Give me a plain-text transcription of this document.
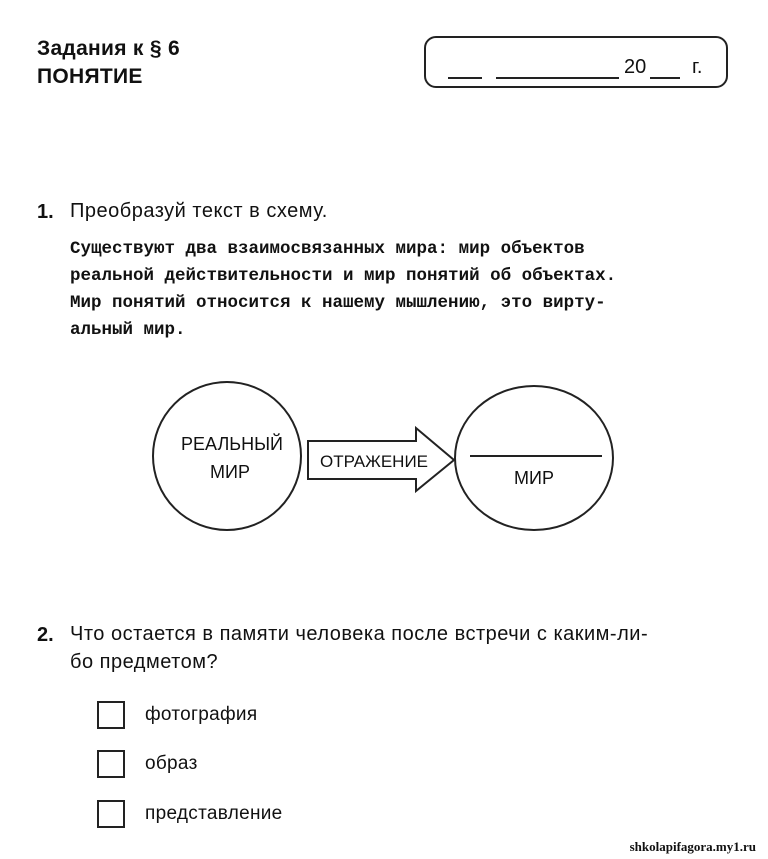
Задания к § 6
ПОНЯТИЕ	20 г.
1. Преобразуй текст в схему.
Существуют два взаимосвязанных мира: мир объектов
реальной действительности и мир понятий об объектах.
Мир понятий относится к нашему мышлению, это вирту-
альный мир.
РЕАЛЬНЫЙ
МИР
ОТРАЖЕНИЕ
МИР
2. Что остается в памяти человека после встречи с каким-ли-
бо предметом?
фотография
образ
представление
shkolapifagora.my1.ru
